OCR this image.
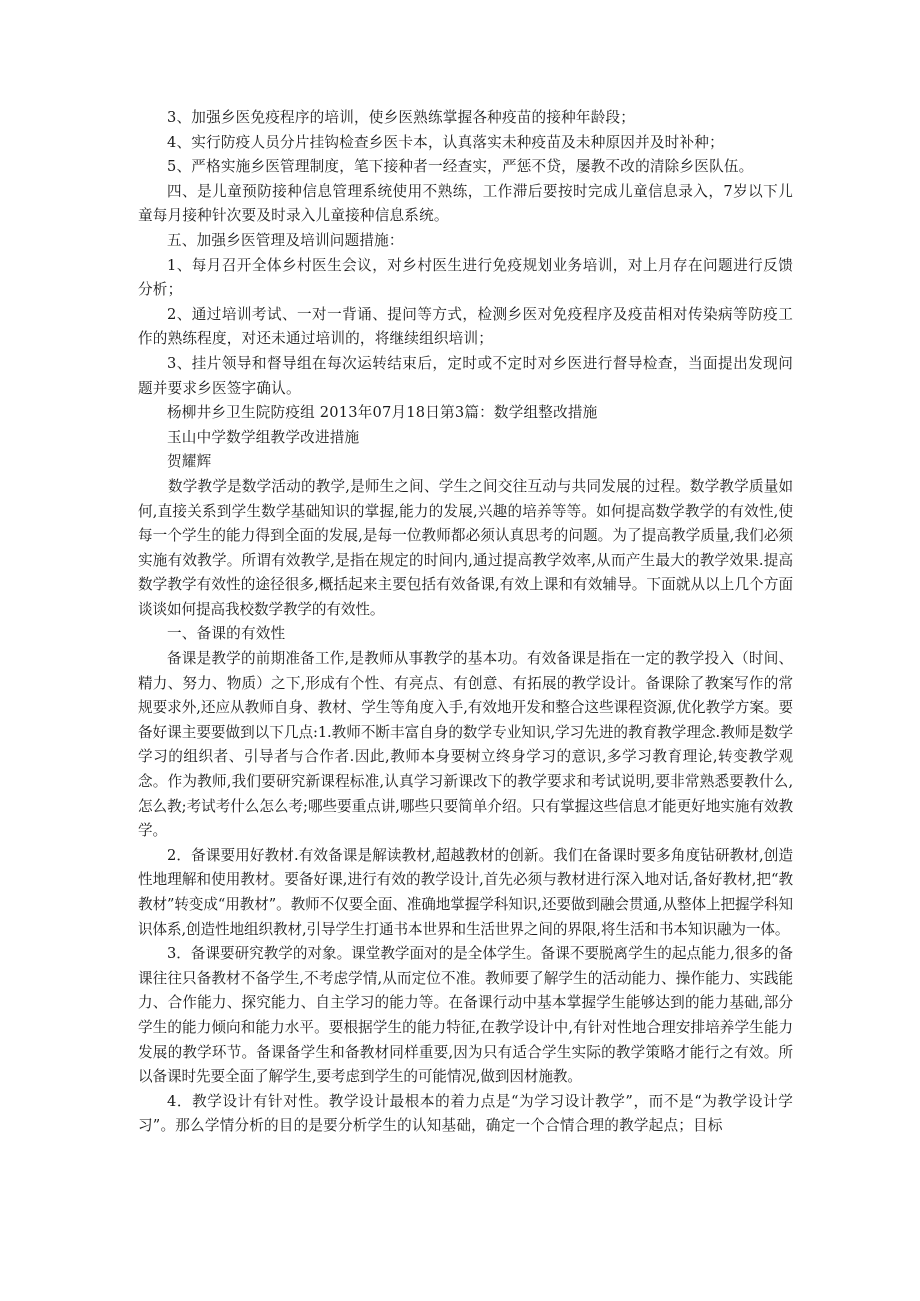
3、加强乡医免疫程序的培训，使乡医熟练掌握各种疫苗的接种年龄段；

4、实行防疫人员分片挂钩检查乡医卡本，认真落实未种疫苗及未种原因并及时补种；

5、严格实施乡医管理制度，笔下接种者一经查实，严惩不贷，屡教不改的清除乡医队伍。

四、是儿童预防接种信息管理系统使用不熟练，工作滞后要按时完成儿童信息录入，7岁以下儿童每月接种针次要及时录入儿童接种信息系统。

五、加强乡医管理及培训问题措施：

1、每月召开全体乡村医生会议，对乡村医生进行免疫规划业务培训，对上月存在问题进行反馈分析；

2、通过培训考试、一对一背诵、提问等方式，检测乡医对免疫程序及疫苗相对传染病等防疫工作的熟练程度，对还未通过培训的，将继续组织培训；

3、挂片领导和督导组在每次运转结束后，定时或不定时对乡医进行督导检查，当面提出发现问题并要求乡医签字确认。

杨柳井乡卫生院防疫组 2013年07月18日第3篇：数学组整改措施

玉山中学数学组教学改进措施

贺耀辉

数学教学是数学活动的教学,是师生之间、学生之间交往互动与共同发展的过程。数学教学质量如何,直接关系到学生数学基础知识的掌握,能力的发展,兴趣的培养等等。如何提高数学教学的有效性,使每一个学生的能力得到全面的发展,是每一位教师都必须认真思考的问题。为了提高教学质量,我们必须实施有效教学。所谓有效教学,是指在规定的时间内,通过提高教学效率,从而产生最大的教学效果.提高数学教学有效性的途径很多,概括起来主要包括有效备课,有效上课和有效辅导。下面就从以上几个方面谈谈如何提高我校数学教学的有效性。

一、备课的有效性

备课是教学的前期准备工作,是教师从事教学的基本功。有效备课是指在一定的教学投入（时间、精力、努力、物质）之下,形成有个性、有亮点、有创意、有拓展的教学设计。备课除了教案写作的常规要求外,还应从教师自身、教材、学生等角度入手,有效地开发和整合这些课程资源,优化教学方案。要备好课主要要做到以下几点:1.教师不断丰富自身的数学专业知识,学习先进的教育教学理念.教师是数学学习的组织者、引导者与合作者.因此,教师本身要树立终身学习的意识,多学习教育理论,转变教学观念。作为教师,我们要研究新课程标准,认真学习新课改下的教学要求和考试说明,要非常熟悉要教什么,怎么教;考试考什么怎么考;哪些要重点讲,哪些只要简单介绍。只有掌握这些信息才能更好地实施有效教学。

2．备课要用好教材.有效备课是解读教材,超越教材的创新。我们在备课时要多角度钻研教材,创造性地理解和使用教材。要备好课,进行有效的教学设计,首先必须与教材进行深入地对话,备好教材,把“教教材”转变成“用教材”。教师不仅要全面、准确地掌握学科知识,还要做到融会贯通,从整体上把握学科知识体系,创造性地组织教材,引导学生打通书本世界和生活世界之间的界限,将生活和书本知识融为一体。

3．备课要研究教学的对象。课堂教学面对的是全体学生。备课不要脱离学生的起点能力,很多的备课往往只备教材不备学生,不考虑学情,从而定位不准。教师要了解学生的活动能力、操作能力、实践能力、合作能力、探究能力、自主学习的能力等。在备课行动中基本掌握学生能够达到的能力基础,部分学生的能力倾向和能力水平。要根据学生的能力特征,在教学设计中,有针对性地合理安排培养学生能力发展的教学环节。备课备学生和备教材同样重要,因为只有适合学生实际的教学策略才能行之有效。所以备课时先要全面了解学生,要考虑到学生的可能情况,做到因材施教。

4．教学设计有针对性。教学设计最根本的着力点是“为学习设计教学”，而不是“为教学设计学习”。那么学情分析的目的是要分析学生的认知基础，确定一个合情合理的教学起点；目标
